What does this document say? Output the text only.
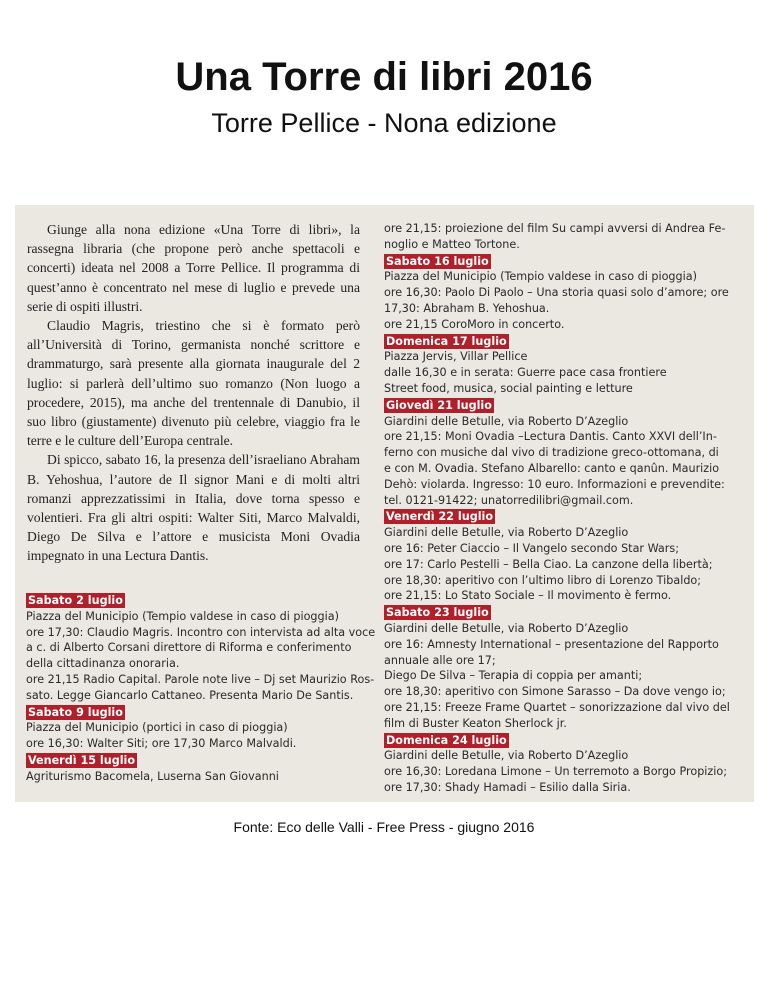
Una Torre di libri 2016
Torre Pellice - Nona edizione

Giunge alla nona edizione «Una Torre di libri», la rassegna libraria (che propone però anche spettacoli e concerti) ideata nel 2008 a Torre Pellice. Il programma di quest’anno è concentrato nel mese di luglio e prevede una serie di ospiti illustri.

Claudio Magris, triestino che si è formato però all’Università di Torino, germanista nonché scrittore e drammaturgo, sarà presente alla giornata inaugurale del 2 luglio: si parlerà dell’ultimo suo romanzo (Non luogo a procedere, 2015), ma anche del trentennale di Danubio, il suo libro (giustamente) divenuto più celebre, viaggio fra le terre e le culture dell’Europa centrale.

Di spicco, sabato 16, la presenza dell’israeliano Abraham B. Yehoshua, l’autore de Il signor Mani e di molti altri romanzi apprezzatissimi in Italia, dove torna spesso e volentieri. Fra gli altri ospiti: Walter Siti, Marco Malvaldi, Diego De Silva e l’attore e musicista Moni Ovadia impegnato in una Lectura Dantis.

Sabato 2 luglio
Piazza del Municipio (Tempio valdese in caso di pioggia)
ore 17,30: Claudio Magris. Incontro con intervista ad alta voce
a c. di Alberto Corsani direttore di Riforma e conferimento
della cittadinanza onoraria.
ore 21,15 Radio Capital. Parole note live – Dj set Maurizio Ros-
sato. Legge Giancarlo Cattaneo. Presenta Mario De Santis.
Sabato 9 luglio
Piazza del Municipio (portici in caso di pioggia)
ore 16,30: Walter Siti; ore 17,30 Marco Malvaldi.
Venerdì 15 luglio
Agriturismo Bacomela, Luserna San Giovanni
ore 21,15: proiezione del film Su campi avversi di Andrea Fe-
noglio e Matteo Tortone.
Sabato 16 luglio
Piazza del Municipio (Tempio valdese in caso di pioggia)
ore 16,30: Paolo Di Paolo – Una storia quasi solo d’amore; ore
17,30: Abraham B. Yehoshua.
ore 21,15 CoroMoro in concerto.
Domenica 17 luglio
Piazza Jervis, Villar Pellice
dalle 16,30 e in serata: Guerre pace casa frontiere
Street food, musica, social painting e letture
Giovedì 21 luglio
Giardini delle Betulle, via Roberto D’Azeglio
ore 21,15: Moni Ovadia –Lectura Dantis. Canto XXVI dell’In-
ferno con musiche dal vivo di tradizione greco-ottomana, di
e con M. Ovadia. Stefano Albarello: canto e qanûn. Maurizio
Dehò: violarda. Ingresso: 10 euro. Informazioni e prevendite:
tel. 0121-91422; unatorredilibri@gmail.com.
Venerdì 22 luglio
Giardini delle Betulle, via Roberto D’Azeglio
ore 16: Peter Ciaccio – Il Vangelo secondo Star Wars;
ore 17: Carlo Pestelli – Bella Ciao. La canzone della libertà;
ore 18,30: aperitivo con l’ultimo libro di Lorenzo Tibaldo;
ore 21,15: Lo Stato Sociale – Il movimento è fermo.
Sabato 23 luglio
Giardini delle Betulle, via Roberto D’Azeglio
ore 16: Amnesty International – presentazione del Rapporto
annuale alle ore 17;
Diego De Silva – Terapia di coppia per amanti;
ore 18,30: aperitivo con Simone Sarasso – Da dove vengo io;
ore 21,15: Freeze Frame Quartet – sonorizzazione dal vivo del
film di Buster Keaton Sherlock jr.
Domenica 24 luglio
Giardini delle Betulle, via Roberto D’Azeglio
ore 16,30: Loredana Limone – Un terremoto a Borgo Propizio;
ore 17,30: Shady Hamadi – Esilio dalla Siria.
Fonte: Eco delle Valli - Free Press - giugno 2016
